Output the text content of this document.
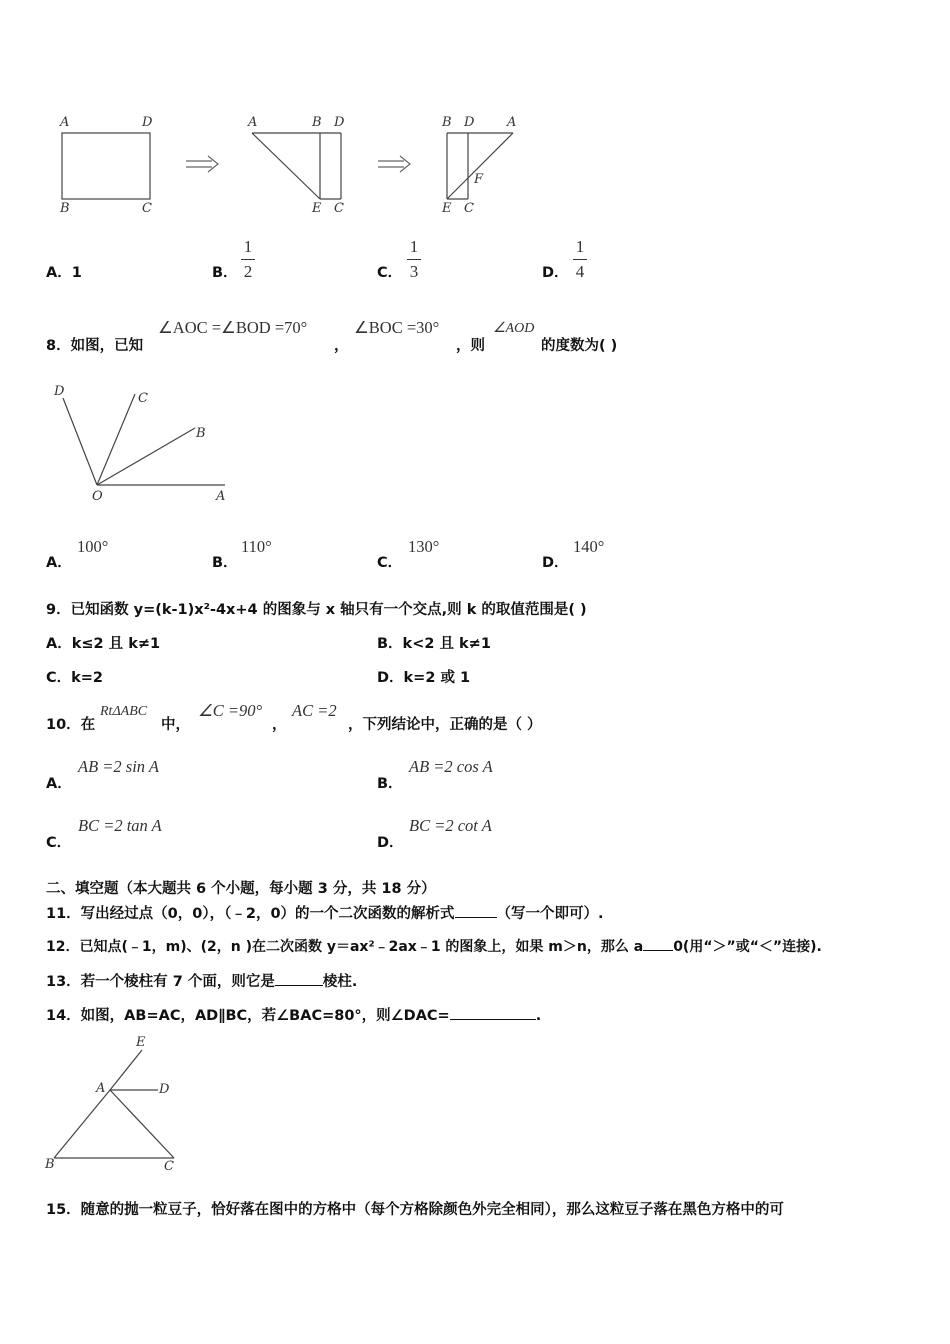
A	D
B	C
A	B D
E C
B D	A
F
E C
A．1	B．
1
2	C．
1
3	D．
1
4
8．如图，已知
∠AOC =∠BOD =70°
，
∠BOC =30°
，则
∠AOD
的度数为( )
D	C
B
O	A
A．
100°
B．
110°
C．
130°
D．
140°
9．已知函数 y=(k-1)x²-4x+4 的图象与 x 轴只有一个交点,则 k 的取值范围是( )
A．k≤2 且 k≠1	B．k<2 且 k≠1
C．k=2	D．k=2 或 1
10．在
RtΔABC
中，
∠C =90°
，
AC =2
，下列结论中，正确的是（ ）
A．
AB =2 sin A
B．
AB =2 cos A
C．
BC =2 tan A
D．
BC =2 cot A
二、填空题（本大题共 6 个小题，每小题 3 分，共 18 分）
11．写出经过点（0，0），（﹣2，0）的一个二次函数的解析式	（写一个即可）.
12．已知点(﹣1，m)、(2，n )在二次函数 y＝ax²﹣2ax﹣1 的图象上，如果 m＞n，那么 a 0(用“＞”或“＜”连接).
13．若一个棱柱有 7 个面，则它是	棱柱.
14．如图，AB=AC，AD∥BC，若∠BAC=80°，则∠DAC=	.
E
A	D
B	C
15．随意的抛一粒豆子，恰好落在图中的方格中（每个方格除颜色外完全相同），那么这粒豆子落在黑色方格中的可
